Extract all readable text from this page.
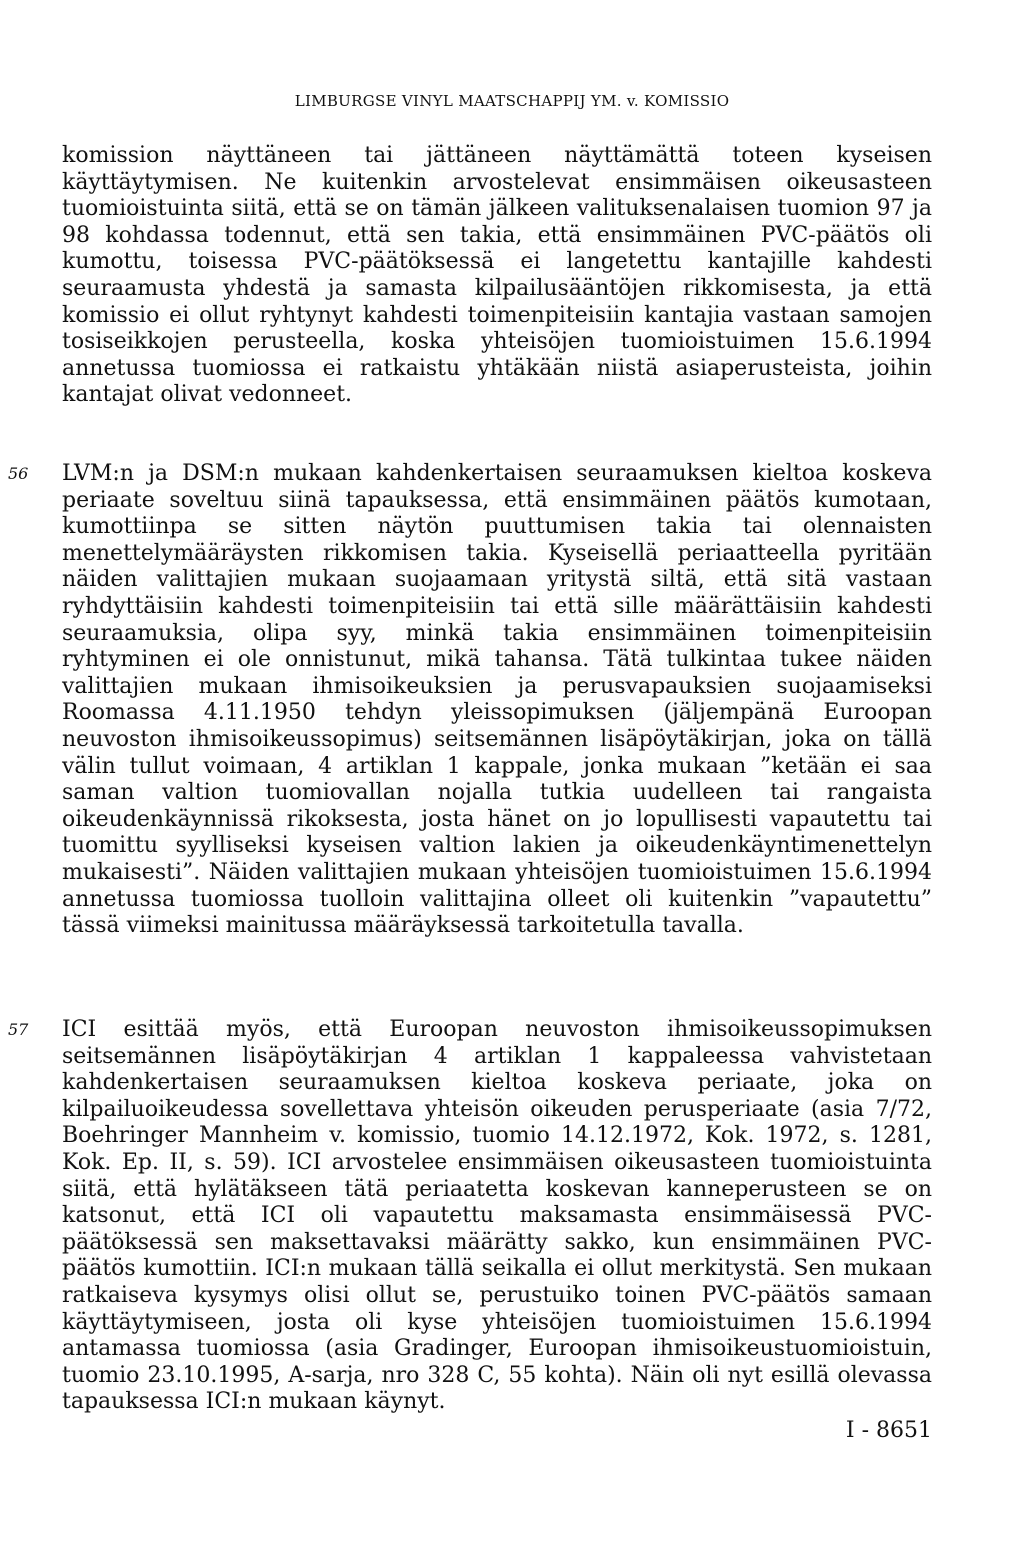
LIMBURGSE VINYL MAATSCHAPPIJ YM. v. KOMISSIO

komission näyttäneen tai jättäneen näyttämättä toteen kyseisen käyttäytymisen. Ne kuitenkin arvostelevat ensimmäisen oikeusasteen tuomioistuinta siitä, että se on tämän jälkeen valituksenalaisen tuomion 97 ja 98 kohdassa todennut, että sen takia, että ensimmäinen PVC-päätös oli kumottu, toisessa PVC-päätöksessä ei langetettu kantajille kahdesti seuraamusta yhdestä ja samasta kilpailusääntöjen rikkomisesta, ja että komissio ei ollut ryhtynyt kahdesti toimenpiteisiin kantajia vastaan samojen tosiseikkojen perusteella, koska yhteisöjen tuomioistuimen 15.6.1994 annetussa tuomiossa ei ratkaistu yhtäkään niistä asiaperusteista, joihin kantajat olivat vedonneet.

56 LVM:n ja DSM:n mukaan kahdenkertaisen seuraamuksen kieltoa koskeva periaate soveltuu siinä tapauksessa, että ensimmäinen päätös kumotaan, kumottiinpa se sitten näytön puuttumisen takia tai olennaisten menettelymääräysten rikkomisen takia. Kyseisellä periaatteella pyritään näiden valittajien mukaan suojaamaan yritystä siltä, että sitä vastaan ryhdyttäisiin kahdesti toimenpiteisiin tai että sille määrättäisiin kahdesti seuraamuksia, olipa syy, minkä takia ensimmäinen toimenpiteisiin ryhtyminen ei ole onnistunut, mikä tahansa. Tätä tulkintaa tukee näiden valittajien mukaan ihmisoikeuksien ja perusvapauksien suojaamiseksi Roomassa 4.11.1950 tehdyn yleissopimuksen (jäljempänä Euroopan neuvoston ihmisoikeussopimus) seitsemännen lisäpöytäkirjan, joka on tällä välin tullut voimaan, 4 artiklan 1 kappale, jonka mukaan ”ketään ei saa saman valtion tuomiovallan nojalla tutkia uudelleen tai rangaista oikeudenkäynnissä rikoksesta, josta hänet on jo lopullisesti vapautettu tai tuomittu syylliseksi kyseisen valtion lakien ja oikeudenkäyntimenettelyn mukaisesti”. Näiden valittajien mukaan yhteisöjen tuomioistuimen 15.6.1994 annetussa tuomiossa tuolloin valittajina olleet oli kuitenkin ”vapautettu” tässä viimeksi mainitussa määräyksessä tarkoitetulla tavalla.

57 ICI esittää myös, että Euroopan neuvoston ihmisoikeussopimuksen seitsemännen lisäpöytäkirjan 4 artiklan 1 kappaleessa vahvistetaan kahdenkertaisen seuraamuksen kieltoa koskeva periaate, joka on kilpailuoikeudessa sovellettava yhteisön oikeuden perusperiaate (asia 7/72, Boehringer Mannheim v. komissio, tuomio 14.12.1972, Kok. 1972, s. 1281, Kok. Ep. II, s. 59). ICI arvostelee ensimmäisen oikeusasteen tuomioistuinta siitä, että hylätäkseen tätä periaatetta koskevan kanneperusteen se on katsonut, että ICI oli vapautettu maksamasta ensimmäisessä PVC-päätöksessä sen maksettavaksi määrätty sakko, kun ensimmäinen PVC-päätös kumottiin. ICI:n mukaan tällä seikalla ei ollut merkitystä. Sen mukaan ratkaiseva kysymys olisi ollut se, perustuiko toinen PVC-päätös samaan käyttäytymiseen, josta oli kyse yhteisöjen tuomioistuimen 15.6.1994 antamassa tuomiossa (asia Gradinger, Euroopan ihmisoikeustuomioistuin, tuomio 23.10.1995, A-sarja, nro 328 C, 55 kohta). Näin oli nyt esillä olevassa tapauksessa ICI:n mukaan käynyt.

I - 8651
